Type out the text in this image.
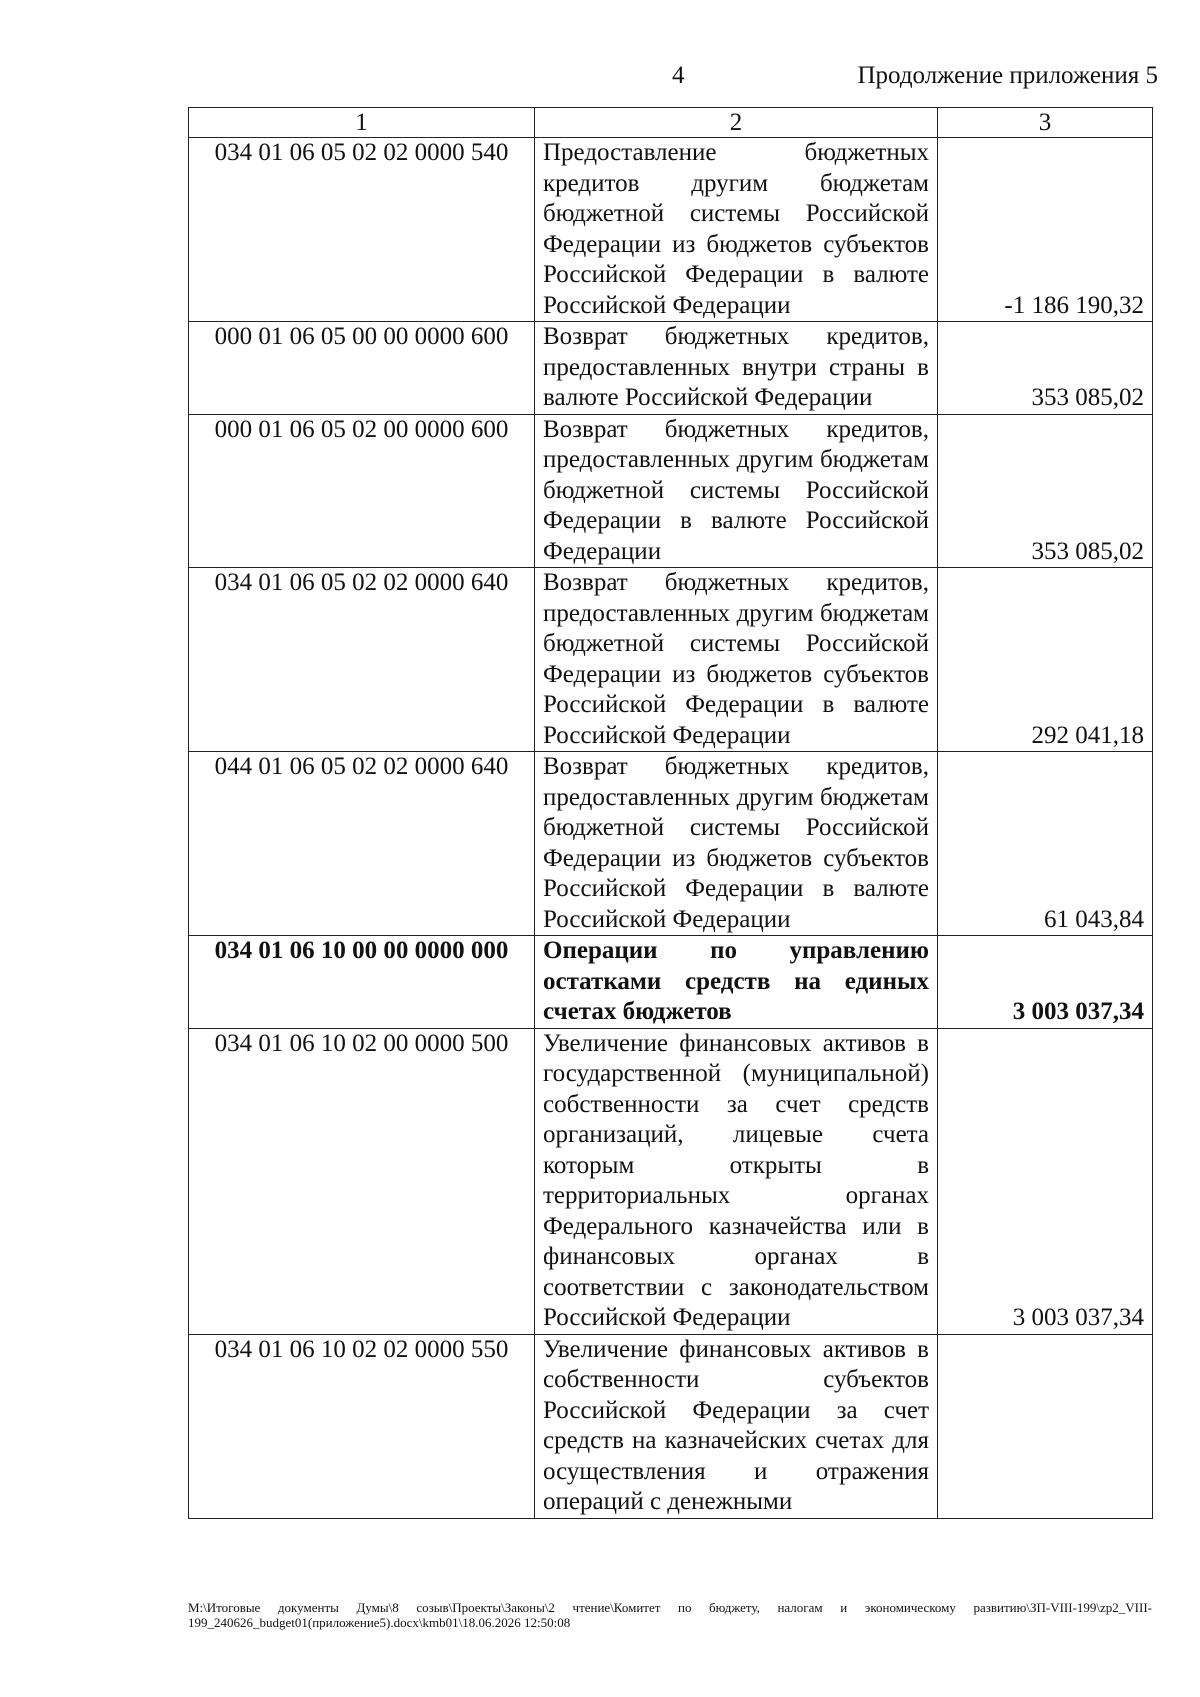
4	Продолжение приложения 5
1	2	3
034 01 06 05 02 02 0000 540	Предоставление бюджетных кредитов другим бюджетам бюджетной системы Российской Федерации из бюджетов субъектов Российской Федерации в валюте Российской Федерации	-1 186 190,32
000 01 06 05 00 00 0000 600	Возврат бюджетных кредитов, предоставленных внутри страны в валюте Российской Федерации	353 085,02
000 01 06 05 02 00 0000 600	Возврат бюджетных кредитов, предоставленных другим бюджетам бюджетной системы Российской Федерации в валюте Российской Федерации	353 085,02
034 01 06 05 02 02 0000 640	Возврат бюджетных кредитов, предоставленных другим бюджетам бюджетной системы Российской Федерации из бюджетов субъектов Российской Федерации в валюте Российской Федерации	292 041,18
044 01 06 05 02 02 0000 640	Возврат бюджетных кредитов, предоставленных другим бюджетам бюджетной системы Российской Федерации из бюджетов субъектов Российской Федерации в валюте Российской Федерации	61 043,84
034 01 06 10 00 00 0000 000	Операции по управлению остатками средств на единых счетах бюджетов	3 003 037,34
034 01 06 10 02 00 0000 500	Увеличение финансовых активов в государственной (муниципальной) собственности за счет средств организаций, лицевые счета которым открыты в территориальных органах Федерального казначейства или в финансовых органах в соответствии с законодательством Российской Федерации	3 003 037,34
034 01 06 10 02 02 0000 550	Увеличение финансовых активов в собственности субъектов Российской Федерации за счет средств на казначейских счетах для осуществления и отражения операций с денежными	
М:\Итоговые документы Думы\8 созыв\Проекты\Законы\2 чтение\Комитет по бюджету, налогам и экономическому развитию\ЗП-VIII-199\zp2_VIII-199_240626_budget01(приложение5).docx\kmb01\18.06.2026 12:50:08
